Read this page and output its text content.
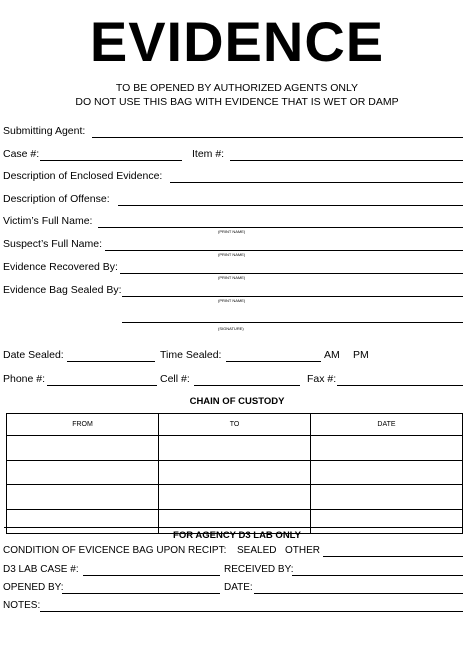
EVIDENCE
TO BE OPENED BY AUTHORIZED AGENTS ONLY
DO NOT USE THIS BAG WITH EVIDENCE THAT IS WET OR DAMP
Submitting Agent:
Case #:	Item #:
Description of Enclosed Evidence:
Description of Offense:
Victim’s Full Name:
(PRINT NAME)
Suspect’s Full Name:
(PRINT NAME)
Evidence Recovered By:
(PRINT NAME)
Evidence Bag Sealed By:
(PRINT NAME)
(SIGNATURE)
Date Sealed:	Time Sealed:	AM PM
Phone #:	Cell #:	Fax #:
CHAIN OF CUSTODY
FROM	TO	DATE

FOR AGENCY D3 LAB ONLY
CONDITION OF EVICENCE BAG UPON RECIPT: SEALED OTHER
D3 LAB CASE #:	RECEIVED BY:
OPENED BY:	DATE:
NOTES:
